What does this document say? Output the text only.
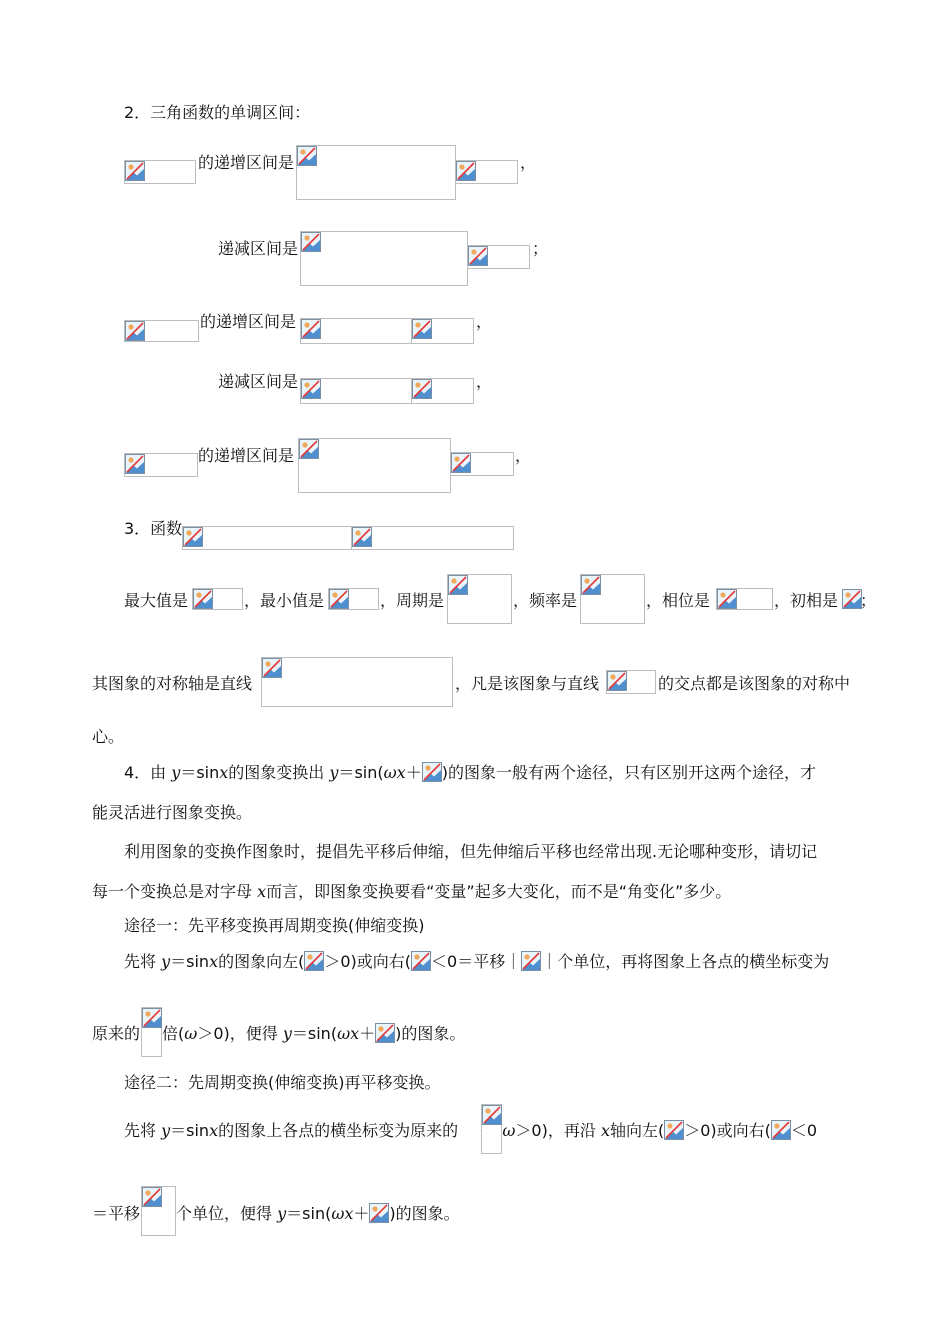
2．三角函数的单调区间：
的递增区间是	，
递减区间是	；
的递增区间是	，
递减区间是	，
的递增区间是	，
3．函数
最大值是	，最小值是	，周期是	，频率是	，相位是	，初相是 ；
其图象的对称轴是直线	，凡是该图象与直线	的交点都是该图象的对称中
心。
4．由 y＝sinx的图象变换出 y＝sin(ωx＋ )的图象一般有两个途径，只有区别开这两个途径，才
能灵活进行图象变换。
利用图象的变换作图象时，提倡先平移后伸缩，但先伸缩后平移也经常出现.无论哪种变形，请切记
每一个变换总是对字母 x而言，即图象变换要看“变量”起多大变化，而不是“角变化”多少。
途径一：先平移变换再周期变换(伸缩变换)
先将 y＝sinx的图象向左( ＞0)或向右( ＜0＝平移｜ ｜个单位，再将图象上各点的横坐标变为
原来的 倍(ω＞0)，便得 y＝sin(ωx＋ )的图象。
途径二：先周期变换(伸缩变换)再平移变换。
先将 y＝sinx的图象上各点的横坐标变为原来的	ω＞0)，再沿 x轴向左( ＞0)或向右( ＜0
＝平移 个单位，便得 y＝sin(ωx＋ )的图象。
